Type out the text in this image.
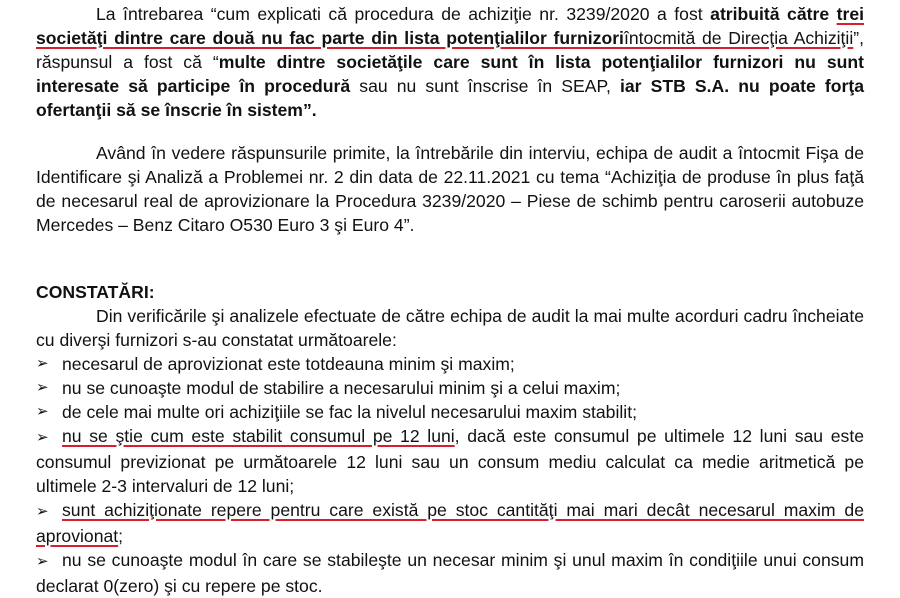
La întrebarea “cum explicati că procedura de achiziţie nr. 3239/2020 a fost atribuită către trei societăţi dintre care două nu fac parte din lista potenţialilor furnizoriîntocmită de Direcţia Achiziţii”, răspunsul a fost că “multe dintre societăţile care sunt în lista potenţialilor furnizori nu sunt interesate să participe în procedură sau nu sunt înscrise în SEAP, iar STB S.A. nu poate forţa ofertanţii să se înscrie în sistem”.

Având în vedere răspunsurile primite, la întrebările din interviu, echipa de audit a întocmit Fişa de Identificare şi Analiză a Problemei nr. 2 din data de 22.11.2021 cu tema “Achiziţia de produse în plus faţă de necesarul real de aprovizionare la Procedura 3239/2020 – Piese de schimb pentru caroserii autobuze Mercedes – Benz Citaro O530 Euro 3 şi Euro 4”.

CONSTATĂRI:

Din verificările şi analizele efectuate de către echipa de audit la mai multe acorduri cadru încheiate cu diverşi furnizori s-au constatat următoarele:

➢ necesarul de aprovizionat este totdeauna minim şi maxim;
➢ nu se cunoaşte modul de stabilire a necesarului minim şi a celui maxim;
➢ de cele mai multe ori achiziţiile se fac la nivelul necesarului maxim stabilit;

➢ nu se ştie cum este stabilit consumul pe 12 luni, dacă este consumul pe ultimele 12 luni sau este consumul previzionat pe următoarele 12 luni sau un consum mediu calculat ca medie aritmetică pe ultimele 2-3 intervaluri de 12 luni;

➢ sunt achiziţionate repere pentru care există pe stoc cantităţi mai mari decât necesarul maxim de aprovionat;

➢ nu se cunoaşte modul în care se stabileşte un necesar minim şi unul maxim în condiţiile unui consum declarat 0(zero) şi cu repere pe stoc.
